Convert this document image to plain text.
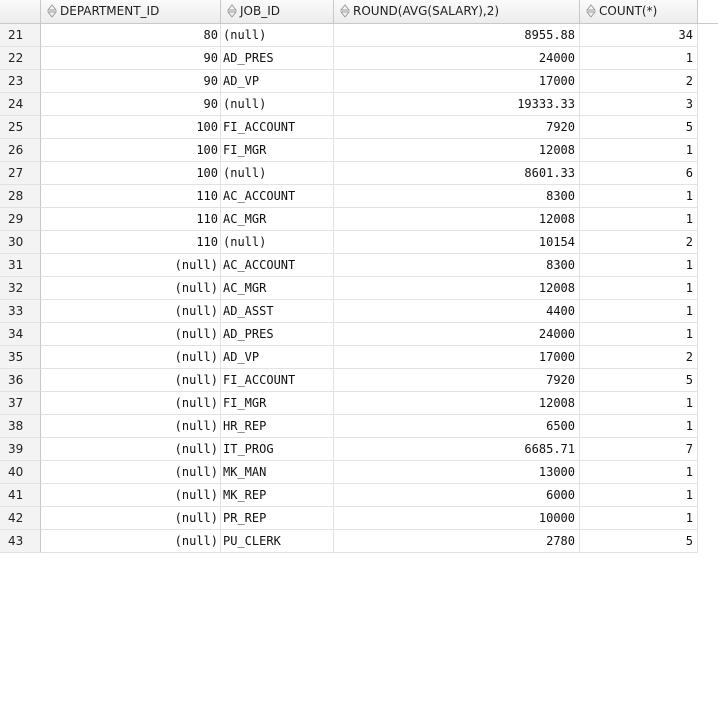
DEPARTMENT_ID	JOB_ID	ROUND(AVG(SALARY),2)	COUNT(*)
21	80 (null)	8955.88	34
22	90 AD_PRES	24000	1
23	90 AD_VP	17000	2
24	90 (null)	19333.33	3
25	100 FI_ACCOUNT	7920	5
26	100 FI_MGR	12008	1
27	100 (null)	8601.33	6
28	110 AC_ACCOUNT	8300	1
29	110 AC_MGR	12008	1
30	110 (null)	10154	2
31	(null) AC_ACCOUNT	8300	1
32	(null) AC_MGR	12008	1
33	(null) AD_ASST	4400	1
34	(null) AD_PRES	24000	1
35	(null) AD_VP	17000	2
36	(null) FI_ACCOUNT	7920	5
37	(null) FI_MGR	12008	1
38	(null) HR_REP	6500	1
39	(null) IT_PROG	6685.71	7
40	(null) MK_MAN	13000	1
41	(null) MK_REP	6000	1
42	(null) PR_REP	10000	1
43	(null) PU_CLERK	2780	5
